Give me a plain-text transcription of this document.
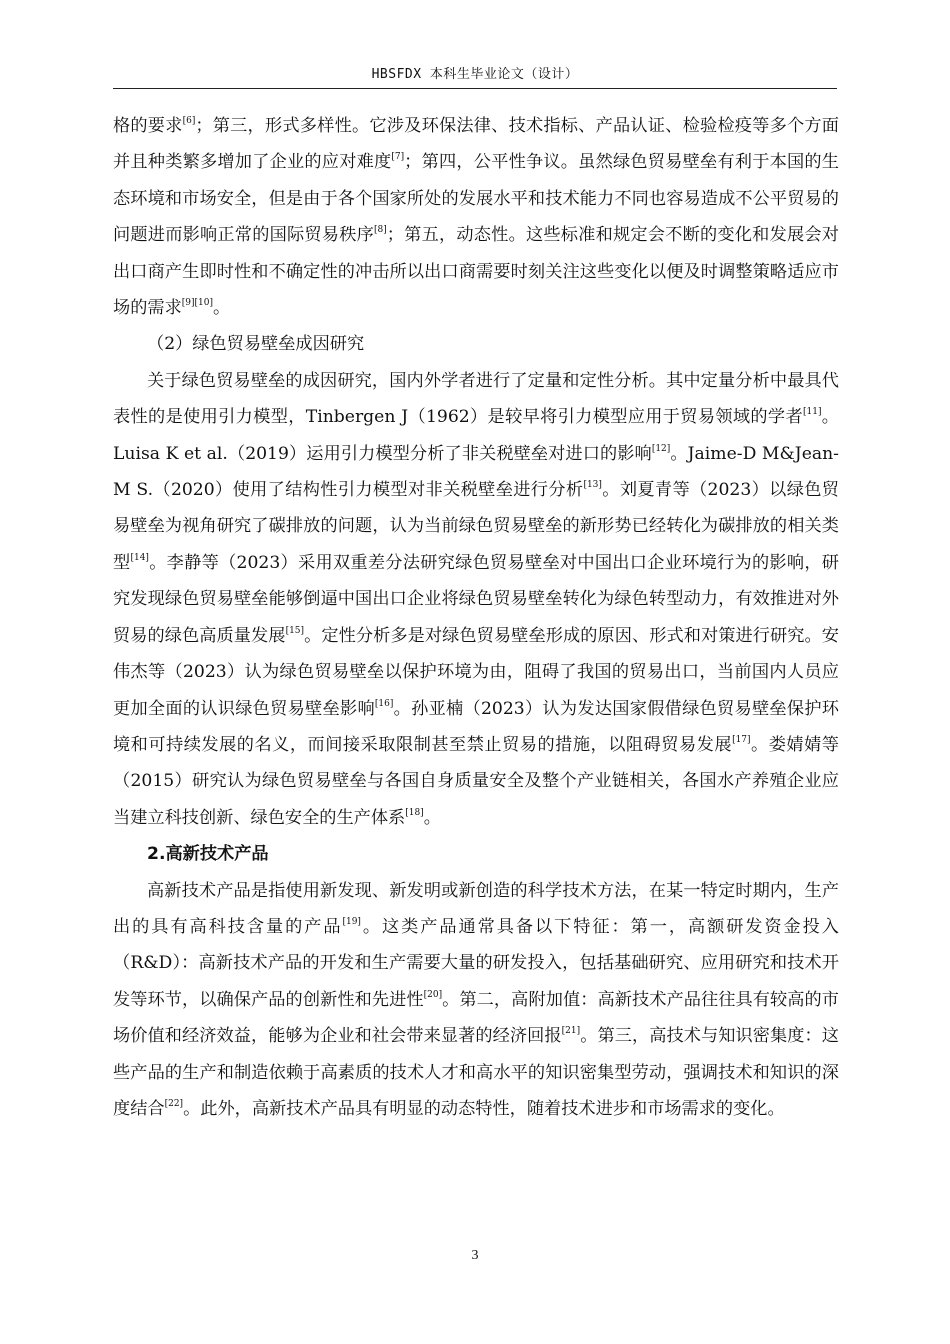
HBSFDX 本科生毕业论文（设计）

格的要求[6]；第三，形式多样性。它涉及环保法律、技术指标、产品认证、检验检疫等多个方面并且种类繁多增加了企业的应对难度[7]；第四，公平性争议。虽然绿色贸易壁垒有利于本国的生态环境和市场安全，但是由于各个国家所处的发展水平和技术能力不同也容易造成不公平贸易的问题进而影响正常的国际贸易秩序[8]；第五，动态性。这些标准和规定会不断的变化和发展会对出口商产生即时性和不确定性的冲击所以出口商需要时刻关注这些变化以便及时调整策略适应市场的需求[9][10]。

（2）绿色贸易壁垒成因研究

关于绿色贸易壁垒的成因研究，国内外学者进行了定量和定性分析。其中定量分析中最具代表性的是使用引力模型，Tinbergen J（1962）是较早将引力模型应用于贸易领域的学者[11]。Luisa K et al.（2019）运用引力模型分析了非关税壁垒对进口的影响[12]。Jaime-D M&Jean-M S.（2020）使用了结构性引力模型对非关税壁垒进行分析[13]。刘夏青等（2023）以绿色贸易壁垒为视角研究了碳排放的问题，认为当前绿色贸易壁垒的新形势已经转化为碳排放的相关类型[14]。李静等（2023）采用双重差分法研究绿色贸易壁垒对中国出口企业环境行为的影响，研究发现绿色贸易壁垒能够倒逼中国出口企业将绿色贸易壁垒转化为绿色转型动力，有效推进对外贸易的绿色高质量发展[15]。定性分析多是对绿色贸易壁垒形成的原因、形式和对策进行研究。安伟杰等（2023）认为绿色贸易壁垒以保护环境为由，阻碍了我国的贸易出口，当前国内人员应更加全面的认识绿色贸易壁垒影响[16]。孙亚楠（2023）认为发达国家假借绿色贸易壁垒保护环境和可持续发展的名义，而间接采取限制甚至禁止贸易的措施，以阻碍贸易发展[17]。娄婧婧等（2015）研究认为绿色贸易壁垒与各国自身质量安全及整个产业链相关，各国水产养殖企业应当建立科技创新、绿色安全的生产体系[18]。

2.高新技术产品

高新技术产品是指使用新发现、新发明或新创造的科学技术方法，在某一特定时期内，生产出的具有高科技含量的产品[19]。这类产品通常具备以下特征：第一，高额研发资金投入（R&D）：高新技术产品的开发和生产需要大量的研发投入，包括基础研究、应用研究和技术开发等环节，以确保产品的创新性和先进性[20]。第二，高附加值：高新技术产品往往具有较高的市场价值和经济效益，能够为企业和社会带来显著的经济回报[21]。第三，高技术与知识密集度：这些产品的生产和制造依赖于高素质的技术人才和高水平的知识密集型劳动，强调技术和知识的深度结合[22]。此外，高新技术产品具有明显的动态特性，随着技术进步和市场需求的变化。

3
